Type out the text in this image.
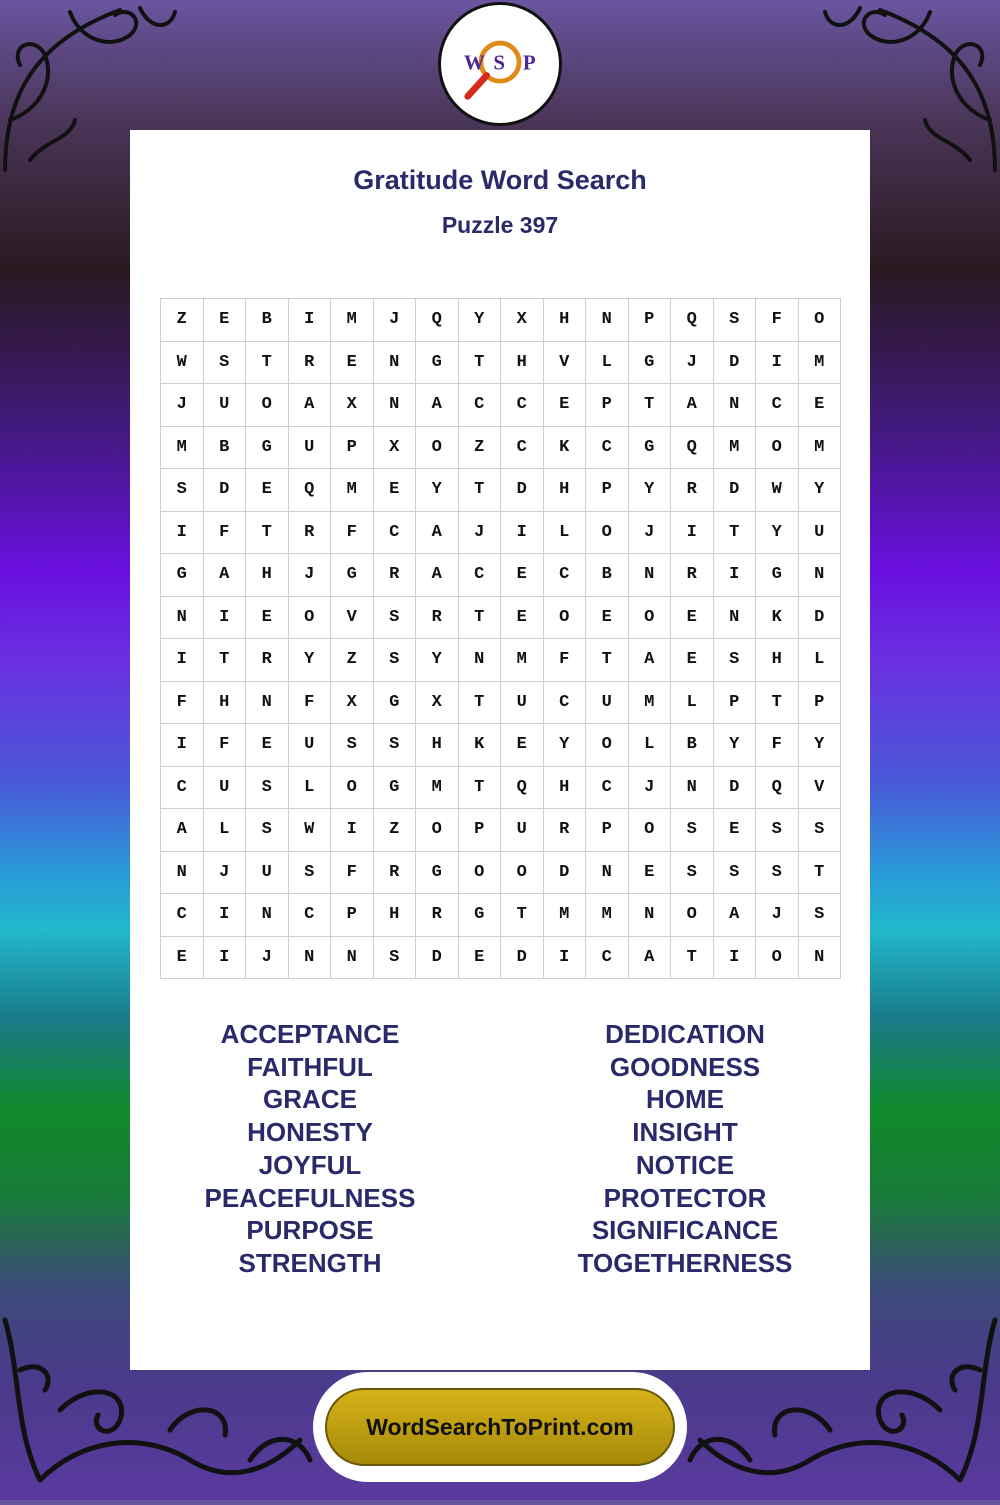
W S P
Gratitude Word Search
Puzzle 397
Z	E	B	I	M	J	Q	Y	X	H	N	P	Q	S	F	O
W	S	T	R	E	N	G	T	H	V	L	G	J	D	I	M
J	U	O	A	X	N	A	C	C	E	P	T	A	N	C	E
M	B	G	U	P	X	O	Z	C	K	C	G	Q	M	O	M
S	D	E	Q	M	E	Y	T	D	H	P	Y	R	D	W	Y
I	F	T	R	F	C	A	J	I	L	O	J	I	T	Y	U
G	A	H	J	G	R	A	C	E	C	B	N	R	I	G	N
N	I	E	O	V	S	R	T	E	O	E	O	E	N	K	D
I	T	R	Y	Z	S	Y	N	M	F	T	A	E	S	H	L
F	H	N	F	X	G	X	T	U	C	U	M	L	P	T	P
I	F	E	U	S	S	H	K	E	Y	O	L	B	Y	F	Y
C	U	S	L	O	G	M	T	Q	H	C	J	N	D	Q	V
A	L	S	W	I	Z	O	P	U	R	P	O	S	E	S	S
N	J	U	S	F	R	G	O	O	D	N	E	S	S	S	T
C	I	N	C	P	H	R	G	T	M	M	N	O	A	J	S
E	I	J	N	N	S	D	E	D	I	C	A	T	I	O	N
ACCEPTANCE
FAITHFUL
GRACE
HONESTY
JOYFUL
PEACEFULNESS
PURPOSE
STRENGTH
DEDICATION
GOODNESS
HOME
INSIGHT
NOTICE
PROTECTOR
SIGNIFICANCE
TOGETHERNESS
WordSearchToPrint.com
